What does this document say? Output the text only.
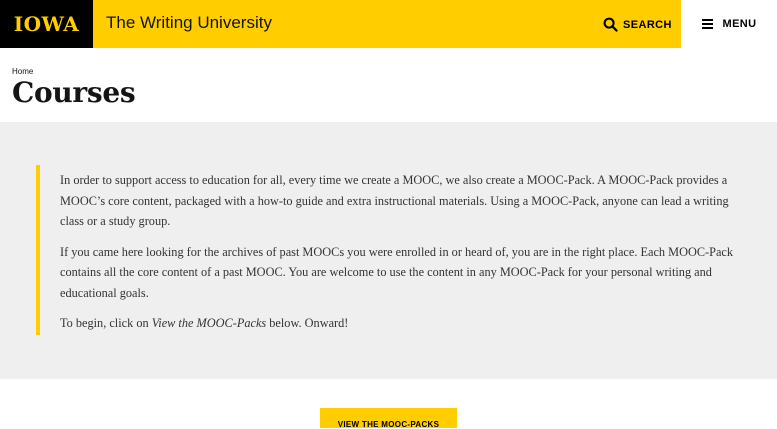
IOWA The Writing University	SEARCH	MENU
Home
Courses

In order to support access to education for all, every time we create a MOOC, we also create a MOOC-Pack. A MOOC-Pack provides a MOOC’s core content, packaged with a how-to guide and extra instructional materials. Using a MOOC-Pack, anyone can lead a writing class or a study group.

If you came here looking for the archives of past MOOCs you were enrolled in or heard of, you are in the right place. Each MOOC-Pack contains all the core content of a past MOOC. You are welcome to use the content in any MOOC-Pack for your personal writing and educational goals.

To begin, click on View the MOOC-Packs below. Onward!

VIEW THE MOOC-PACKS
